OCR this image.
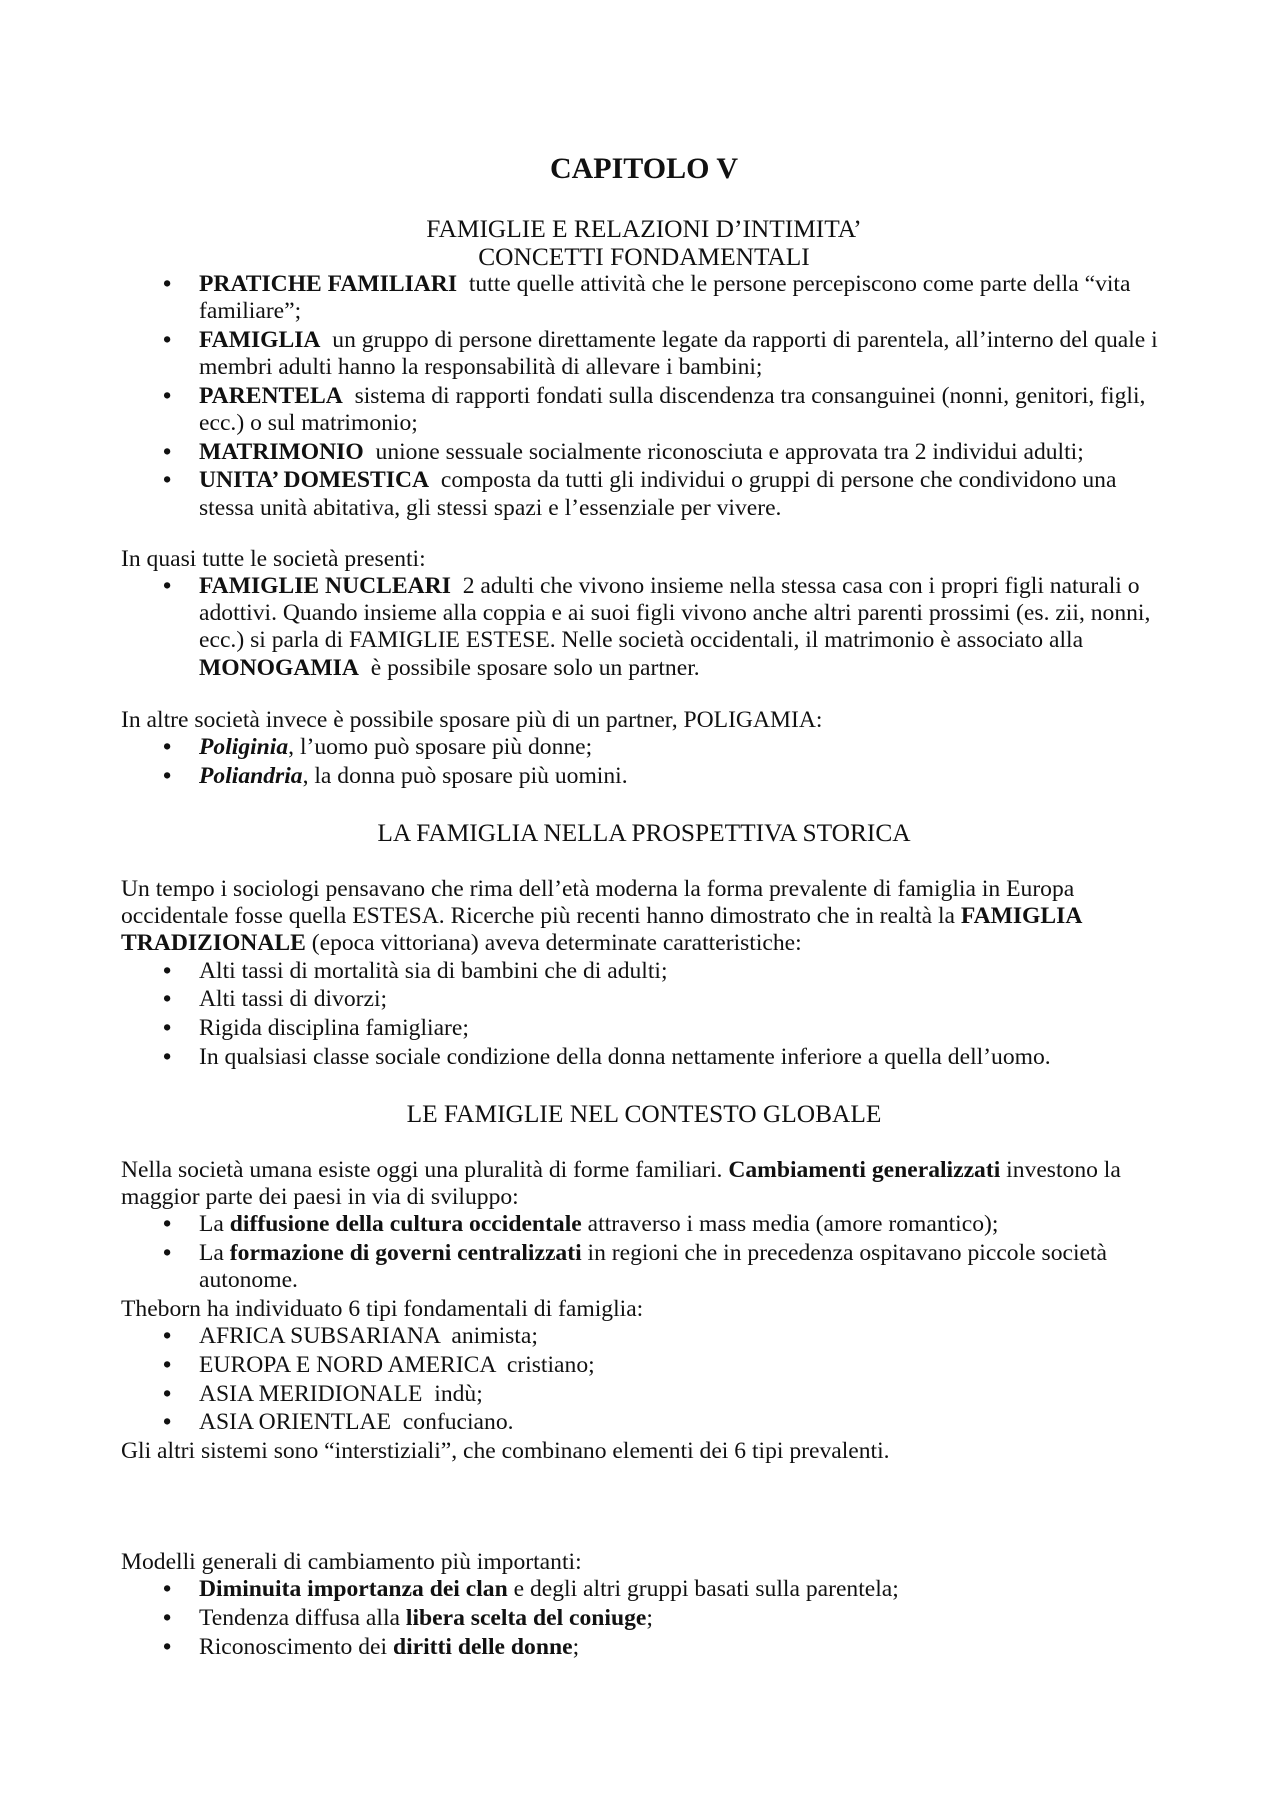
CAPITOLO V
FAMIGLIE E RELAZIONI D’INTIMITA’
CONCETTI FONDAMENTALI
• PRATICHE FAMILIARI  tutte quelle attività che le persone percepiscono come parte della “vita familiare”;
• FAMIGLIA  un gruppo di persone direttamente legate da rapporti di parentela, all’interno del quale i membri adulti hanno la responsabilità di allevare i bambini;
• PARENTELA  sistema di rapporti fondati sulla discendenza tra consanguinei (nonni, genitori, figli, ecc.) o sul matrimonio;
• MATRIMONIO  unione sessuale socialmente riconosciuta e approvata tra 2 individui adulti;
• UNITA’ DOMESTICA  composta da tutti gli individui o gruppi di persone che condividono una stessa unità abitativa, gli stessi spazi e l’essenziale per vivere.

In quasi tutte le società presenti:

• FAMIGLIE NUCLEARI  2 adulti che vivono insieme nella stessa casa con i propri figli naturali o adottivi. Quando insieme alla coppia e ai suoi figli vivono anche altri parenti prossimi (es. zii, nonni, ecc.) si parla di FAMIGLIE ESTESE. Nelle società occidentali, il matrimonio è associato alla MONOGAMIA  è possibile sposare solo un partner.

In altre società invece è possibile sposare più di un partner, POLIGAMIA:

• Poliginia, l’uomo può sposare più donne;
• Poliandria, la donna può sposare più uomini.
LA FAMIGLIA NELLA PROSPETTIVA STORICA

Un tempo i sociologi pensavano che rima dell’età moderna la forma prevalente di famiglia in Europa occidentale fosse quella ESTESA. Ricerche più recenti hanno dimostrato che in realtà la FAMIGLIA TRADIZIONALE (epoca vittoriana) aveva determinate caratteristiche:

• Alti tassi di mortalità sia di bambini che di adulti;
• Alti tassi di divorzi;
• Rigida disciplina famigliare;
• In qualsiasi classe sociale condizione della donna nettamente inferiore a quella dell’uomo.
LE FAMIGLIE NEL CONTESTO GLOBALE

Nella società umana esiste oggi una pluralità di forme familiari. Cambiamenti generalizzati investono la maggior parte dei paesi in via di sviluppo:

• La diffusione della cultura occidentale attraverso i mass media (amore romantico);
• La formazione di governi centralizzati in regioni che in precedenza ospitavano piccole società autonome.

Theborn ha individuato 6 tipi fondamentali di famiglia:

• AFRICA SUBSARIANA  animista;
• EUROPA E NORD AMERICA  cristiano;
• ASIA MERIDIONALE  indù;
• ASIA ORIENTLAE  confuciano.

Gli altri sistemi sono “interstiziali”, che combinano elementi dei 6 tipi prevalenti.

Modelli generali di cambiamento più importanti:

• Diminuita importanza dei clan e degli altri gruppi basati sulla parentela;
• Tendenza diffusa alla libera scelta del coniuge;
• Riconoscimento dei diritti delle donne;
